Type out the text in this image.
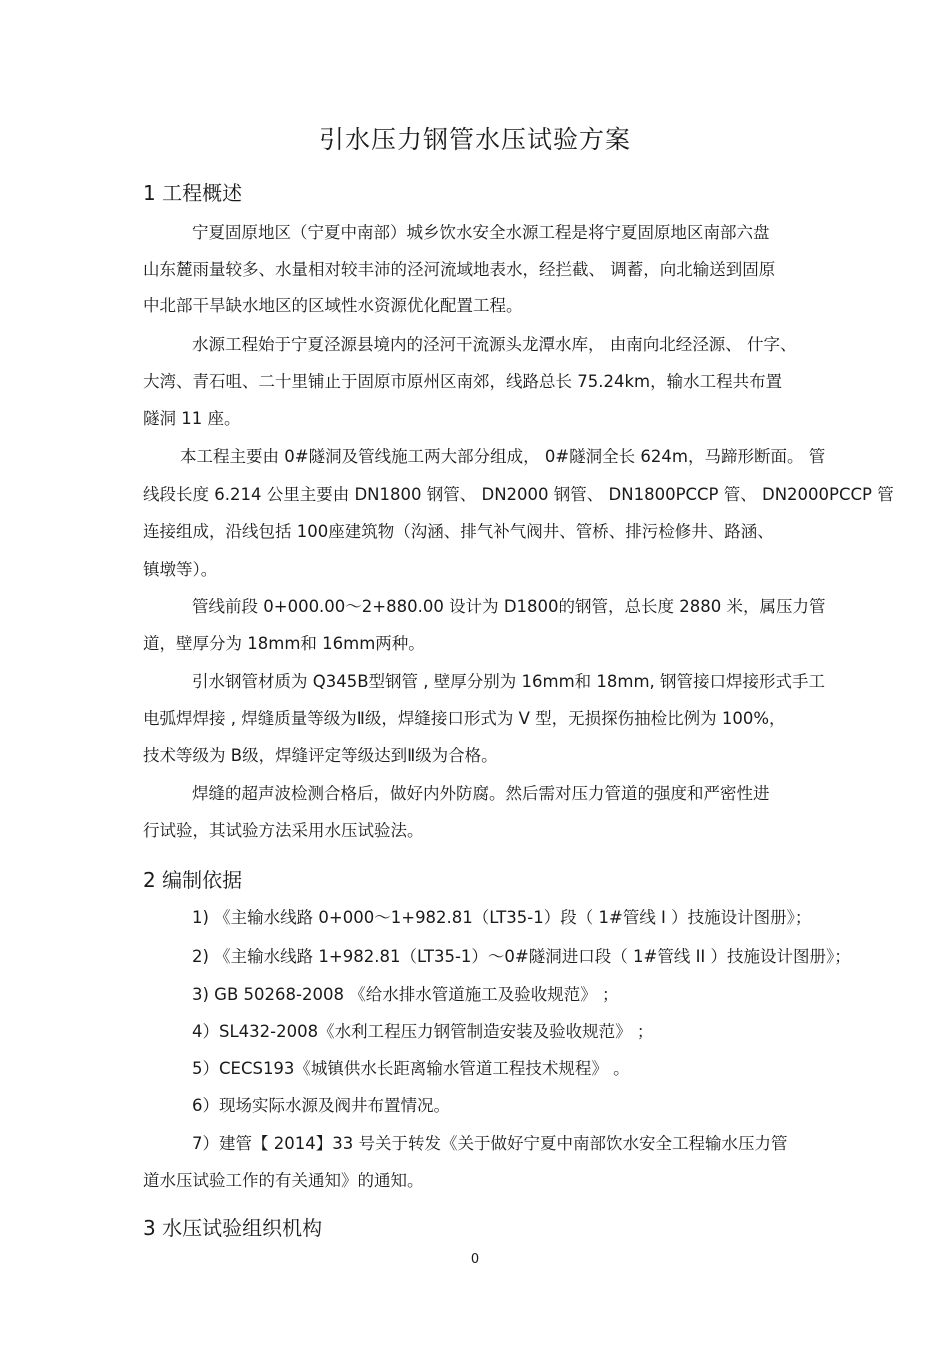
引水压力钢管水压试验方案
1 工程概述
宁夏固原地区（宁夏中南部）城乡饮水安全水源工程是将宁夏固原地区南部六盘
山东麓雨量较多、水量相对较丰沛的泾河流域地表水，经拦截、 调蓄，向北输送到固原
中北部干旱缺水地区的区域性水资源优化配置工程。
水源工程始于宁夏泾源县境内的泾河干流源头龙潭水库， 由南向北经泾源、 什字、
大湾、青石咀、二十里铺止于固原市原州区南郊，线路总长 75.24km，输水工程共布置
隧洞 11 座。
本工程主要由 0#隧洞及管线施工两大部分组成， 0#隧洞全长 624m，马蹄形断面。 管
线段长度 6.214 公里主要由 DN1800 钢管、 DN2000 钢管、 DN1800PCCP 管、 DN2000PCCP 管
连接组成，沿线包括 100座建筑物（沟涵、排气补气阀井、管桥、排污检修井、路涵、
镇墩等）。
管线前段 0+000.00～2+880.00 设计为 D1800的钢管，总长度 2880 米，属压力管
道，壁厚分为 18mm和 16mm两种。
引水钢管材质为 Q345B型钢管 , 壁厚分别为 16mm和 18mm, 钢管接口焊接形式手工
电弧焊焊接 , 焊缝质量等级为Ⅱ级，焊缝接口形式为 V 型，无损探伤抽检比例为 100%，
技术等级为 B级，焊缝评定等级达到Ⅱ级为合格。
焊缝的超声波检测合格后，做好内外防腐。然后需对压力管道的强度和严密性进
行试验，其试验方法采用水压试验法。
2 编制依据
1) 《主输水线路 0+000～1+982.81（LT35-1）段（ 1#管线 I ）技施设计图册》；
2) 《主输水线路 1+982.81（LT35-1）～0#隧洞进口段（ 1#管线 II ）技施设计图册》；
3) GB 50268-2008 《给水排水管道施工及验收规范》 ；
4）SL432-2008《水利工程压力钢管制造安装及验收规范》 ；
5）CECS193《城镇供水长距离输水管道工程技术规程》 。
6）现场实际水源及阀井布置情况。
7）建管【 2014】33 号关于转发《关于做好宁夏中南部饮水安全工程输水压力管
道水压试验工作的有关通知》的通知。
3 水压试验组织机构
0
